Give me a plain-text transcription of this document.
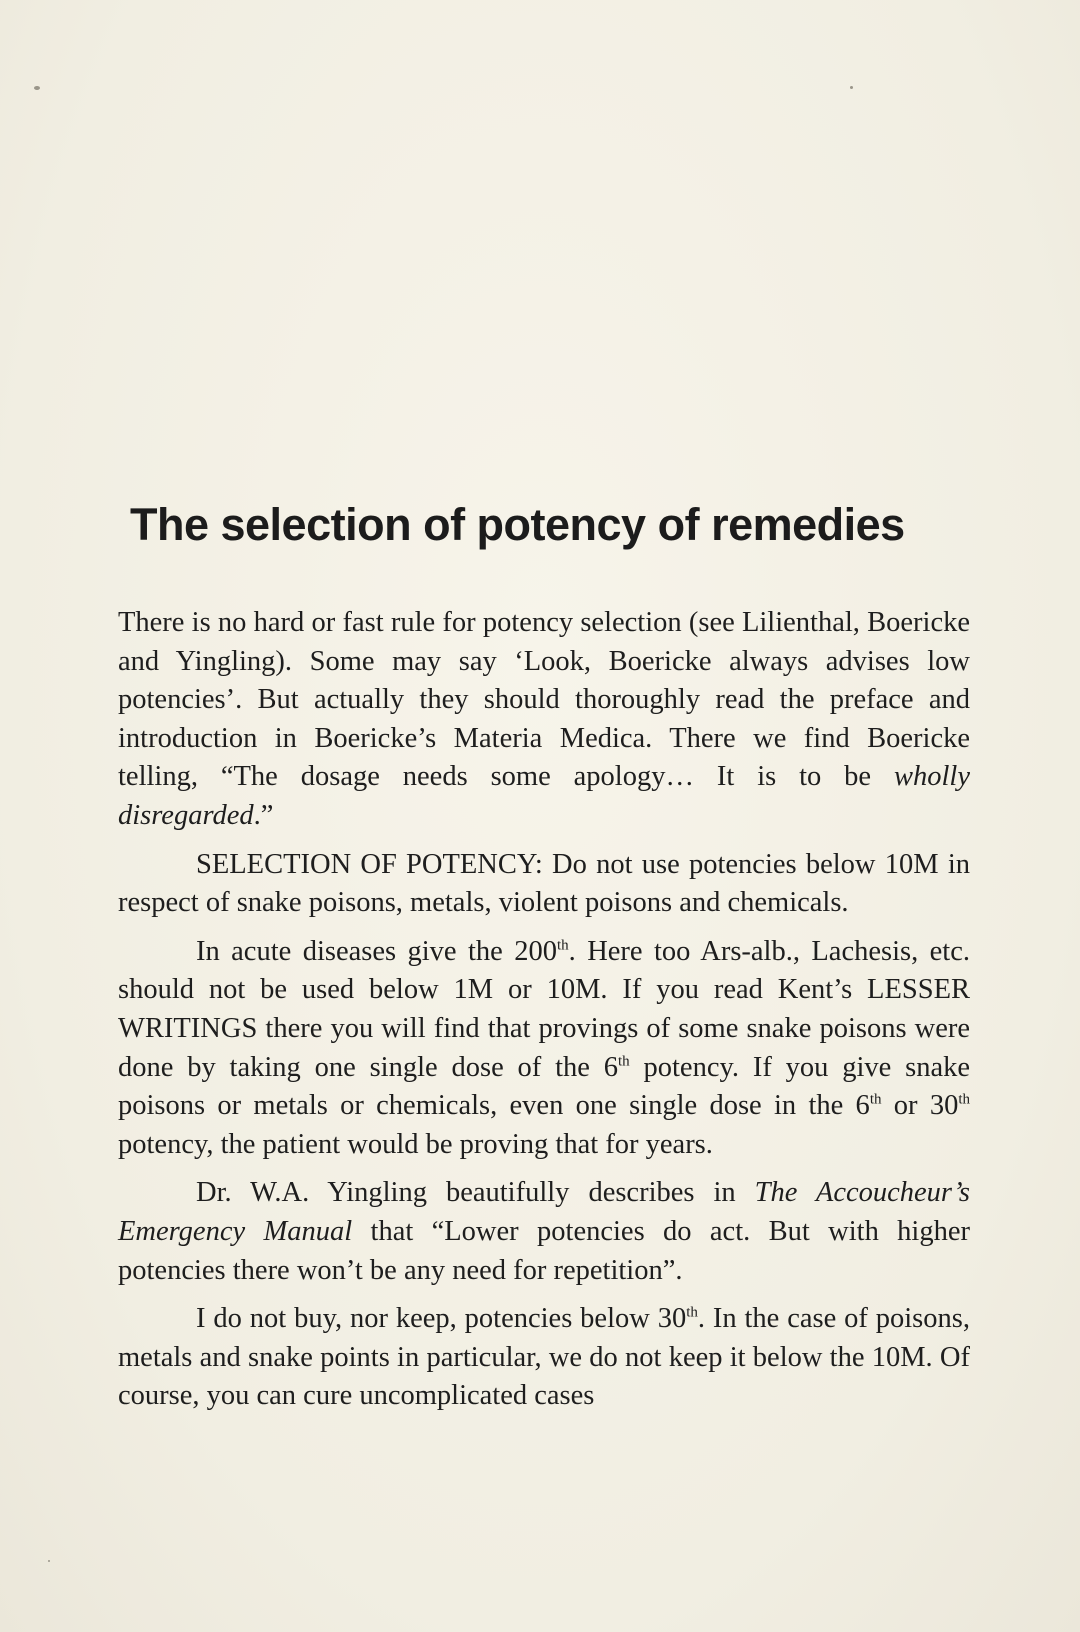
The selection of potency of remedies

There is no hard or fast rule for potency selection (see Lilienthal, Boericke and Yingling). Some may say ‘Look, Boericke always advises low potencies’. But actually they should thoroughly read the preface and introduction in Boericke’s Materia Medica. There we find Boericke telling, “The dosage needs some apology… It is to be wholly disregarded.”

SELECTION OF POTENCY: Do not use potencies below 10M in respect of snake poisons, metals, violent poisons and chemicals.

In acute diseases give the 200th. Here too Ars-alb., Lachesis, etc. should not be used below 1M or 10M. If you read Kent’s LESSER WRITINGS there you will find that provings of some snake poisons were done by taking one single dose of the 6th potency. If you give snake poisons or metals or chemicals, even one single dose in the 6th or 30th potency, the patient would be proving that for years.

Dr. W.A. Yingling beautifully describes in The Accoucheur’s Emergency Manual that “Lower potencies do act. But with higher potencies there won’t be any need for repetition”.

I do not buy, nor keep, potencies below 30th. In the case of poisons, metals and snake points in particular, we do not keep it below the 10M. Of course, you can cure uncomplicated cases
